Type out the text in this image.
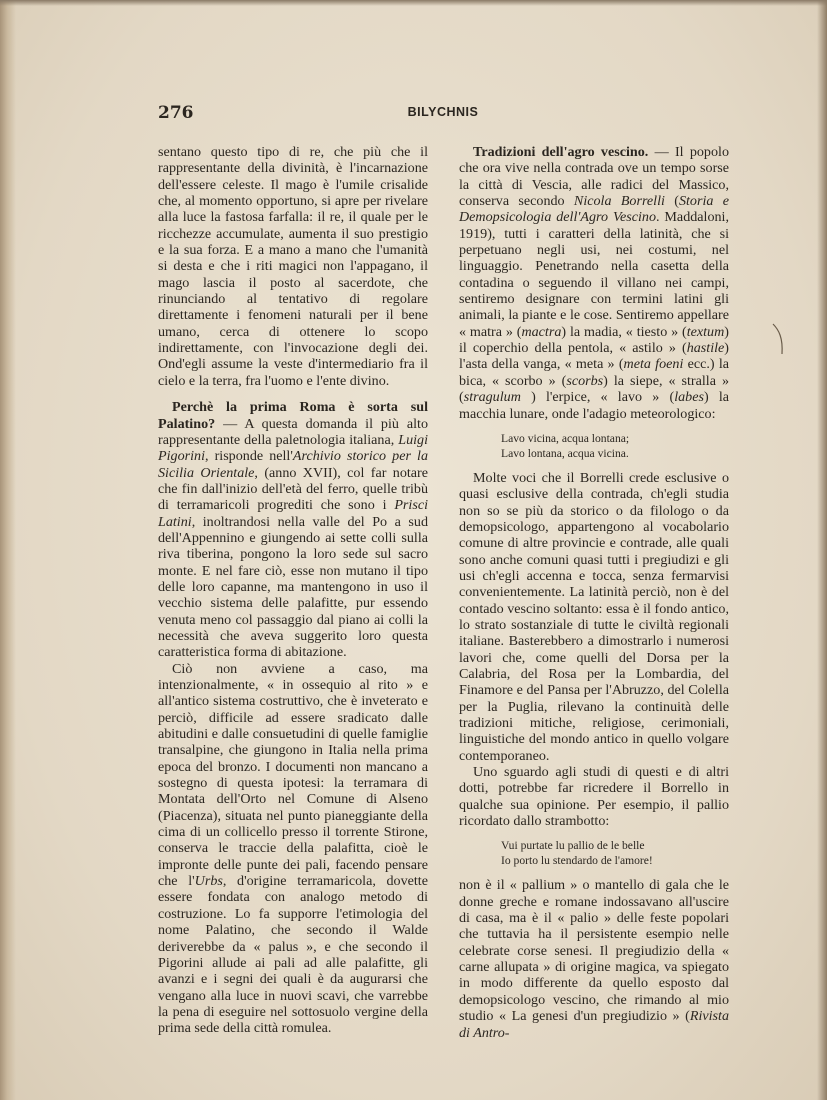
276	BILYCHNIS

sentano questo tipo di re, che più che il rappresentante della divinità, è l'incarnazione dell'essere celeste. Il mago è l'umile crisalide che, al momento opportuno, si apre per rivelare alla luce la fastosa farfalla: il re, il quale per le ricchezze accumulate, aumenta il suo prestigio e la sua forza. E a mano a mano che l'umanità si desta e che i riti magici non l'appagano, il mago lascia il posto al sacerdote, che rinunciando al tentativo di regolare direttamente i fenomeni naturali per il bene umano, cerca di ottenere lo scopo indirettamente, con l'invocazione degli dei. Ond'egli assume la veste d'intermediario fra il cielo e la terra, fra l'uomo e l'ente divino.

Perchè la prima Roma è sorta sul Palatino? — A questa domanda il più alto rappresentante della paletnologia italiana, Luigi Pigorini, risponde nell'Archivio storico per la Sicilia Orientale, (anno XVII), col far notare che fin dall'inizio dell'età del ferro, quelle tribù di terramaricoli progrediti che sono i Prisci Latini, inoltrandosi nella valle del Po a sud dell'Appennino e giungendo ai sette colli sulla riva tiberina, pongono la loro sede sul sacro monte. E nel fare ciò, esse non mutano il tipo delle loro capanne, ma mantengono in uso il vecchio sistema delle palafitte, pur essendo venuta meno col passaggio dal piano ai colli la necessità che aveva suggerito loro questa caratteristica forma di abitazione.

Ciò non avviene a caso, ma intenzionalmente, « in ossequio al rito » e all'antico sistema costruttivo, che è inveterato e perciò, difficile ad essere sradicato dalle abitudini e dalle consuetudini di quelle famiglie transalpine, che giungono in Italia nella prima epoca del bronzo. I documenti non mancano a sostegno di questa ipotesi: la terramara di Montata dell'Orto nel Comune di Alseno (Piacenza), situata nel punto pianeggiante della cima di un collicello presso il torrente Stirone, conserva le traccie della palafitta, cioè le impronte delle punte dei pali, facendo pensare che l'Urbs, d'origine terramaricola, dovette essere fondata con analogo metodo di costruzione. Lo fa supporre l'etimologia del nome Palatino, che secondo il Walde deriverebbe da « palus », e che secondo il Pigorini allude ai pali ad alle palafitte, gli avanzi e i segni dei quali è da augurarsi che vengano alla luce in nuovi scavi, che varrebbe la pena di eseguire nel sottosuolo vergine della prima sede della città romulea.

Tradizioni dell'agro vescino. — Il popolo che ora vive nella contrada ove un tempo sorse la città di Vescia, alle radici del Massico, conserva secondo Nicola Borrelli (Storia e Demopsicologia dell'Agro Vescino. Maddaloni, 1919), tutti i caratteri della latinità, che si perpetuano negli usi, nei costumi, nel linguaggio. Penetrando nella casetta della contadina o seguendo il villano nei campi, sentiremo designare con termini latini gli animali, la piante e le cose. Sentiremo appellare « matra » (mactra) la madia, « tiesto » (textum) il coperchio della pentola, « astilo » (hastile) l'asta della vanga, « meta » (meta foeni ecc.) la bica, « scorbo » (scorbs) la siepe, « stralla » (stragulum ) l'erpice, « lavo » (labes) la macchia lunare, onde l'adagio meteorologico:

Lavo vicina, acqua lontana;
Lavo lontana, acqua vicina.

Molte voci che il Borrelli crede esclusive o quasi esclusive della contrada, ch'egli studia non so se più da storico o da filologo o da demopsicologo, appartengono al vocabolario comune di altre provincie e contrade, alle quali sono anche comuni quasi tutti i pregiudizi e gli usi ch'egli accenna e tocca, senza fermarvisi convenientemente. La latinità perciò, non è del contado vescino soltanto: essa è il fondo antico, lo strato sostanziale di tutte le civiltà regionali italiane. Basterebbero a dimostrarlo i numerosi lavori che, come quelli del Dorsa per la Calabria, del Rosa per la Lombardia, del Finamore e del Pansa per l'Abruzzo, del Colella per la Puglia, rilevano la continuità delle tradizioni mitiche, religiose, cerimoniali, linguistiche del mondo antico in quello volgare contemporaneo.

Uno sguardo agli studi di questi e di altri dotti, potrebbe far ricredere il Borrello in qualche sua opinione. Per esempio, il pallio ricordato dallo strambotto:

Vui purtate lu pallio de le belle
Io porto lu stendardo de l'amore!

non è il « pallium » o mantello di gala che le donne greche e romane indossavano all'uscire di casa, ma è il « palio » delle feste popolari che tuttavia ha il persistente esempio nelle celebrate corse senesi. Il pregiudizio della « carne allupata » di origine magica, va spiegato in modo differente da quello esposto dal demopsicologo vescino, che rimando al mio studio « La genesi d'un pregiudizio » (Rivista di Antro-
